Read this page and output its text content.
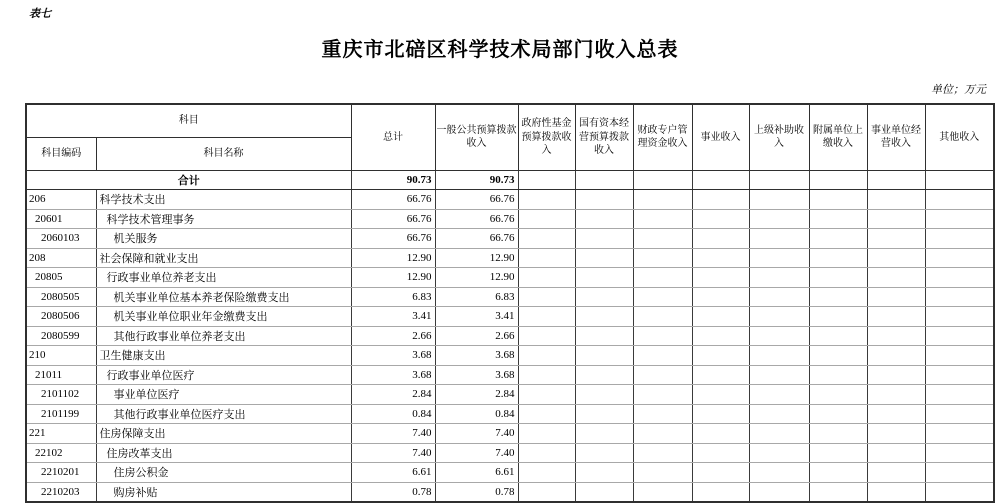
表七
重庆市北碚区科学技术局部门收入总表
单位；万元
科目		总计	一般公共预算拨款收入	政府性基金预算拨款收入	国有资本经营预算拨款收入	财政专户管理资金收入	事业收入	上级补助收入	附属单位上缴收入	事业单位经营收入	其他收入
科目编码	科目名称										
合计		90.73	90.73								
206	科学技术支出	66.76	66.76								
20601	科学技术管理事务	66.76	66.76								
2060103	机关服务	66.76	66.76								
208	社会保障和就业支出	12.90	12.90								
20805	行政事业单位养老支出	12.90	12.90								
2080505	机关事业单位基本养老保险缴费支出	6.83	6.83								
2080506	机关事业单位职业年金缴费支出	3.41	3.41								
2080599	其他行政事业单位养老支出	2.66	2.66								
210	卫生健康支出	3.68	3.68								
21011	行政事业单位医疗	3.68	3.68								
2101102	事业单位医疗	2.84	2.84								
2101199	其他行政事业单位医疗支出	0.84	0.84								
221	住房保障支出	7.40	7.40								
22102	住房改革支出	7.40	7.40								
2210201	住房公积金	6.61	6.61								
2210203	购房补贴	0.78	0.78								
